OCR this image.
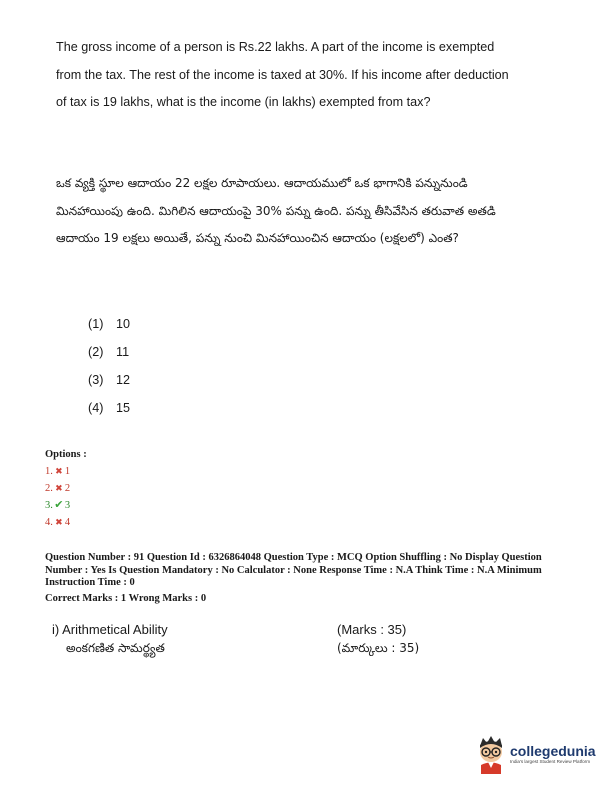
The gross income of a person is Rs.22 lakhs. A part of the income is exempted from the tax. The rest of the income is taxed at 30%. If his income after deduction of tax is 19 lakhs, what is the income (in lakhs) exempted from tax?

ఒక వ్యక్తి స్థూల ఆదాయం 22 లక్షల రూపాయలు. ఆదాయములో ఒక భాగానికి పన్నునుండి మినహాయింపు ఉంది. మిగిలిన ఆదాయంపై 30% పన్ను ఉంది. పన్ను తీసివేసిన తరువాత అతడి ఆదాయం 19 లక్షలు అయితే, పన్ను నుంచి మినహాయించిన ఆదాయం (లక్షలలో) ఎంత?

(1) 10
(2) 11
(3) 12
(4) 15

Options :

1. ✖ 1
2. ✖ 2
3. ✔ 3
4. ✖ 4

Question Number : 91 Question Id : 6326864048 Question Type : MCQ Option Shuffling : No Display Question Number : Yes Is Question Mandatory : No Calculator : None Response Time : N.A Think Time : N.A Minimum Instruction Time : 0

Correct Marks : 1 Wrong Marks : 0

i) Arithmetical Ability	(Marks : 35)
అంకగణిత సామర్థ్యత	(మార్కులు : 35)
collegedunia
India's largest Student Review Platform
